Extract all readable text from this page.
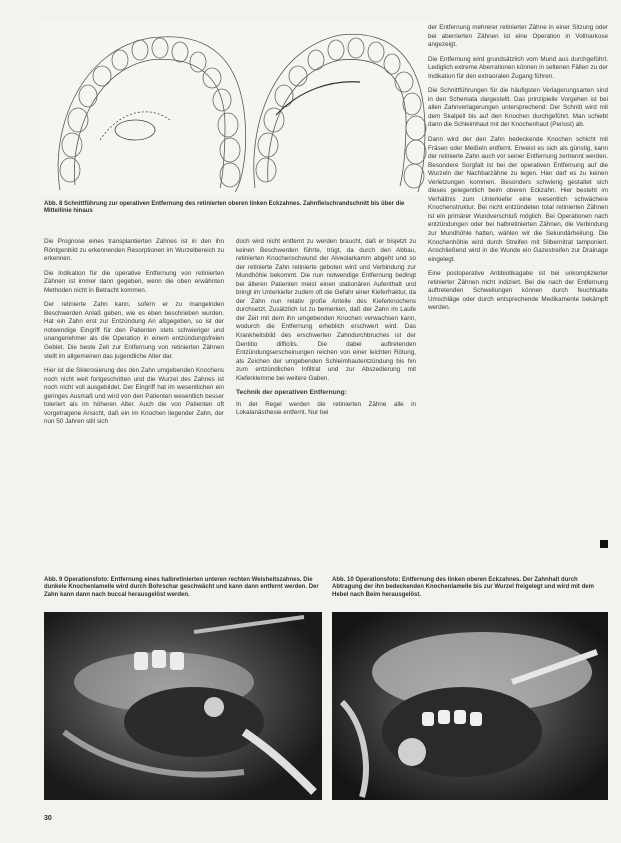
Abb. 8 Schnittführung zur operativen Entfernung des retinierten oberen linken Eckzahnes. Zahnfleischrandschnitt bis über die Mittellinie hinaus

Die Prognose eines transplantierten Zahnes ist in den ihn Röntgenbild zu erkennenden Resorptionen im Wurzelbereich zu erkennen.

Die Indikation für die operative Entfernung von retinierten Zähnen ist immer dann gegeben, wenn die oben erwähnten Methoden nicht in Betracht kommen.

Der retinierte Zahn kann, sofern er zu mangelnden Beschwerden Anlaß geben, wie es eben beschrieben wurden. Hat ein Zahn erst zur Entzündung An aßgegeben, so ist der notwendige Eingriff für den Patienten stets schwieriger und unangenehmer als die Operation in einem entzündungsfreien Gebiet. Die beste Zeit zur Entfernung von retinierten Zähnen stellt im allgemeinen das jugendliche Alter dar.

Hier ist die Sklerosierung des den Zahn umgebenden Knochens noch nicht weit fortgeschritten und die Wurzel des Zahnes ist noch nicht voll ausgebildet. Der Eingriff hat im wesentlichen ein geringes Ausmaß und wird von den Patienten wesentlich besser toleriert als im höheren Alter. Auch die von Patienten oft vorgetragene Ansicht, daß ein im Knochen liegender Zahn, der nun 50 Jahren still sich

doch wird nicht entfernt zu werden braucht, daß er bisjetzt zu keinen Beschwerden führte, trügt, da durch den Abbau, retinierten Knochenschwund der Alveolarkamm abgeht und so der retinierte Zahn retinierte geboten wird und Verbindung zur Mundhöhle bekommt. Die nun notwendige Entfernung bedingt bei älteren Patienten meist einen stationären Aufenthalt und bringt im Unterkiefer zudem oft die Gefahr einer Kieferfraktur, da der Zahn nun relativ große Anteile des Kieferknochens durchsetzt. Zusätzlich ist zu bemerken, daß der Zahn im Laufe der Zeit mit dem ihn umgebenden Knochen verwachsen kann, wodurch die Entfernung erheblich erschwert wird. Das Krankheitsbild des erschwerten Zahndurchbruches ist der Dentitio difficilis. Die dabei auftretenden Entzündungserscheinungen reichen von einer leichten Rötung, als Zeichen der umgebenden Schleimhautentzündung bis hin zum entzündlichen Infiltrat und zur Abszedierung mit Kieferklemme bei weitere Gaben.

Technik der operativen Entfernung:

In der Regel werden die retinierten Zähne alle in Lokalanästhesie entfernt. Nur bei

der Entfernung mehrerer retinierter Zähne in einer Sitzung oder bei aberrierten Zähnen ist eine Operation in Vollnarkose angezeigt.

Die Entfernung wird grundsätzlich vom Mund aus durchgeführt. Lediglich extreme Aberrationen können in seltenen Fällen zu der Indikation für den extraoralen Zugang führen.

Die Schnittführungen für die häufigsten Verlagerungsarten sind in den Schemata dargestellt. Das prinzipielle Vorgehen ist bei allen Zahnverlagerungen untersprechend: Der Schnitt wird mit dem Skalpell bis auf den Knochen durchgeführt. Man schiebt dann die Schleimhaut mit der Knochenhaut (Periost) ab.

Dann wird der den Zahn bedeckende Knochen schicht mit Fräsen oder Meißeln entfernt. Erweist es sich als günstig, kann der retinierte Zahn auch vor seiner Entfernung zertrennt werden. Besondere Sorgfalt ist bei der operativen Entfernung auf die Wurzeln der Nachbarzähne zu legen. Hier darf es zu keinen Verletzungen kommen. Besonders schwierig gestaltet sich dieses gelegentlich beim oberen Eckzahn. Hier besteht im Verhältnis zum Unterkiefer eine wesentlich schwächere Knochenstruktur. Bei nicht entzündeten total retinierten Zähnen ist ein primärer Wundverschluß möglich. Bei Operationen nach entzündungen oder bei halbretinierten Zähnen, die Verbindung zur Mundhöhle hatten, wählen wir die Sekundärheilung. Die Knochenhöhle wird durch Streifen mit Silbernitrat tamponiert. Anschließend wird in die Wunde ein Gazestreifen zur Drainage eingelegt.

Eine postoperative Antibiotikagabe ist bei unkomplizierter retinierter Zähnen nicht indiziert. Bei die nach der Entfernung auftretenden Schwellungen können durch feuchtkalte Umschläge oder durch entsprechende Medikamente bekämpft werden.

Abb. 9 Operationsfoto: Entfernung eines halbretinierten unteren rechten Weisheitszahnes. Die dunkele Knochenlamelle wird durch Bohrschar geschwächt und kann dann entfernt werden. Der Zahn kann dann nach buccal herausgelöst werden.
Abb. 10 Operationsfoto: Entfernung des linken oberen Eckzahnes. Der Zahnhalt durch Abtragung der ihn bedeckenden Knochenlamelle bis zur Wurzel freigelegt und wird mit dem Hebel nach Beim herausgelöst.
30
